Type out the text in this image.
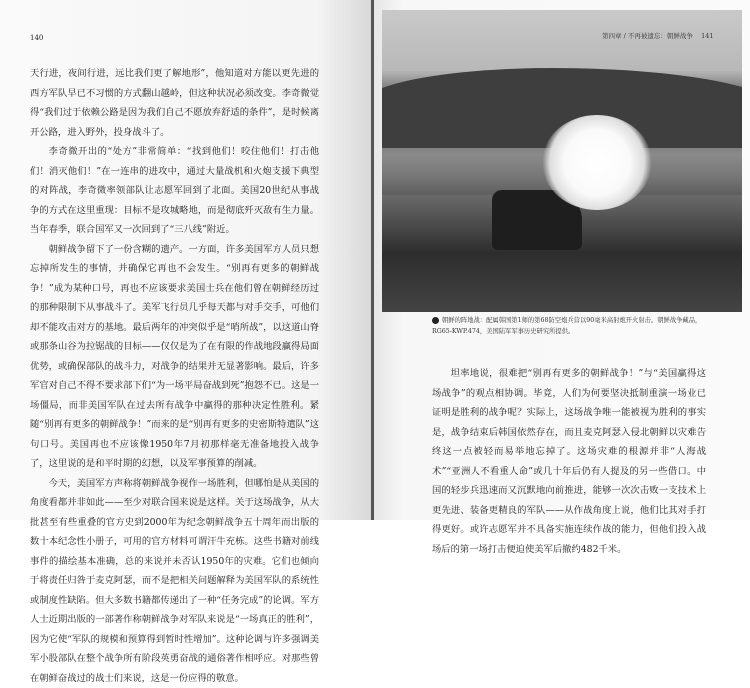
140

天行进，夜间行进，远比我们更了解地形”，他知道对方能以更先进的西方军队早已不习惯的方式翻山越岭，但这种状况必须改变。李奇微觉得“我们过于依赖公路是因为我们自己不愿放弃舒适的条件”，是时候离开公路，进入野外，投身战斗了。

李奇微开出的“处方”非常简单：“找到他们！咬住他们！打击他们！消灭他们！”在一连串的进攻中，通过大量战机和火炮支援下典型的对阵战，李奇微率领部队让志愿军回到了北面。美国20世纪从事战争的方式在这里重现：目标不是攻城略地，而是彻底歼灭敌有生力量。当年春季，联合国军又一次回到了“三八线”附近。

朝鲜战争留下了一份含糊的遗产。一方面，许多美国军方人员只想忘掉所发生的事情，并确保它再也不会发生。“别再有更多的朝鲜战争！”成为某种口号，再也不应该要求美国士兵在他们曾在朝鲜经历过的那种限制下从事战斗了。美军飞行员几乎每天都与对手交手，可他们却不能攻击对方的基地。最后两年的冲突似乎是“哨所战”，以这道山脊或那条山谷为拉锯战的目标——仅仅是为了在有限的作战地段赢得局面优势，或确保部队的战斗力，对战争的结果并无显著影响。最后，许多军官对自己不得不要求部下们“为一场平局奋战到死”抱怨不已。这是一场僵局，而非美国军队在过去所有战争中赢得的那种决定性胜利。紧随“别再有更多的朝鲜战争！”而来的是“别再有更多的史密斯特遣队”这句口号。美国再也不应该像1950年7月初那样毫无准备地投入战争了，这里说的是和平时期的幻想，以及军事预算的削减。

今天，美国军方声称将朝鲜战争视作一场胜利，但哪怕是从美国的角度看都并非如此——至少对联合国来说是这样。关于这场战争，从大批甚至有些重叠的官方史到2000年为纪念朝鲜战争五十周年而出版的数十本纪念性小册子，可用的官方材料可谓汗牛充栋。这些书籍对前线事件的描绘基本准确，总的来说并未否认1950年的灾难。它们也倾向于将责任归咎于麦克阿瑟，而不是把相关问题解释为美国军队的系统性或制度性缺陷。但大多数书籍都传递出了一种“任务完成”的论调。军方人士近期出版的一部著作称朝鲜战争对军队来说是“一场真正的胜利”，因为它使“军队的规模和预算得到暂时性增加”。这种论调与许多强调美军小股部队在整个战争所有阶段英勇奋战的通俗著作相呼应。对那些曾在朝鲜奋战过的战士们来说，这是一份应得的敬意。

第四章 / 不再被遗忘：朝鲜战争 141
朝鲜的阵地战：配属韩国第1师的第68防空炮兵营以90毫米高射炮开火射击。朝鲜战争藏品，RG65-KWP.474，美国陆军军事历史研究所提供。

坦率地说，很难把“别再有更多的朝鲜战争！”与“美国赢得这场战争”的观点相协调。毕竟，人们为何要坚决抵制重演一场业已证明是胜利的战争呢？实际上，这场战争唯一能被视为胜利的事实是，战争结束后韩国依然存在，而且麦克阿瑟入侵北朝鲜以灾难告终这一点被轻而易举地忘掉了。这场灾难的根源并非“人海战术”“亚洲人不看重人命”或几十年后仍有人提及的另一些借口。中国的轻步兵迅速而又沉默地向前推进，能够一次次击败一支技术上更先进、装备更精良的军队——从作战角度上说，他们比其对手打得更好。或许志愿军并不具备实施连续作战的能力，但他们投入战场后的第一场打击便迫使美军后撤约482千米。
